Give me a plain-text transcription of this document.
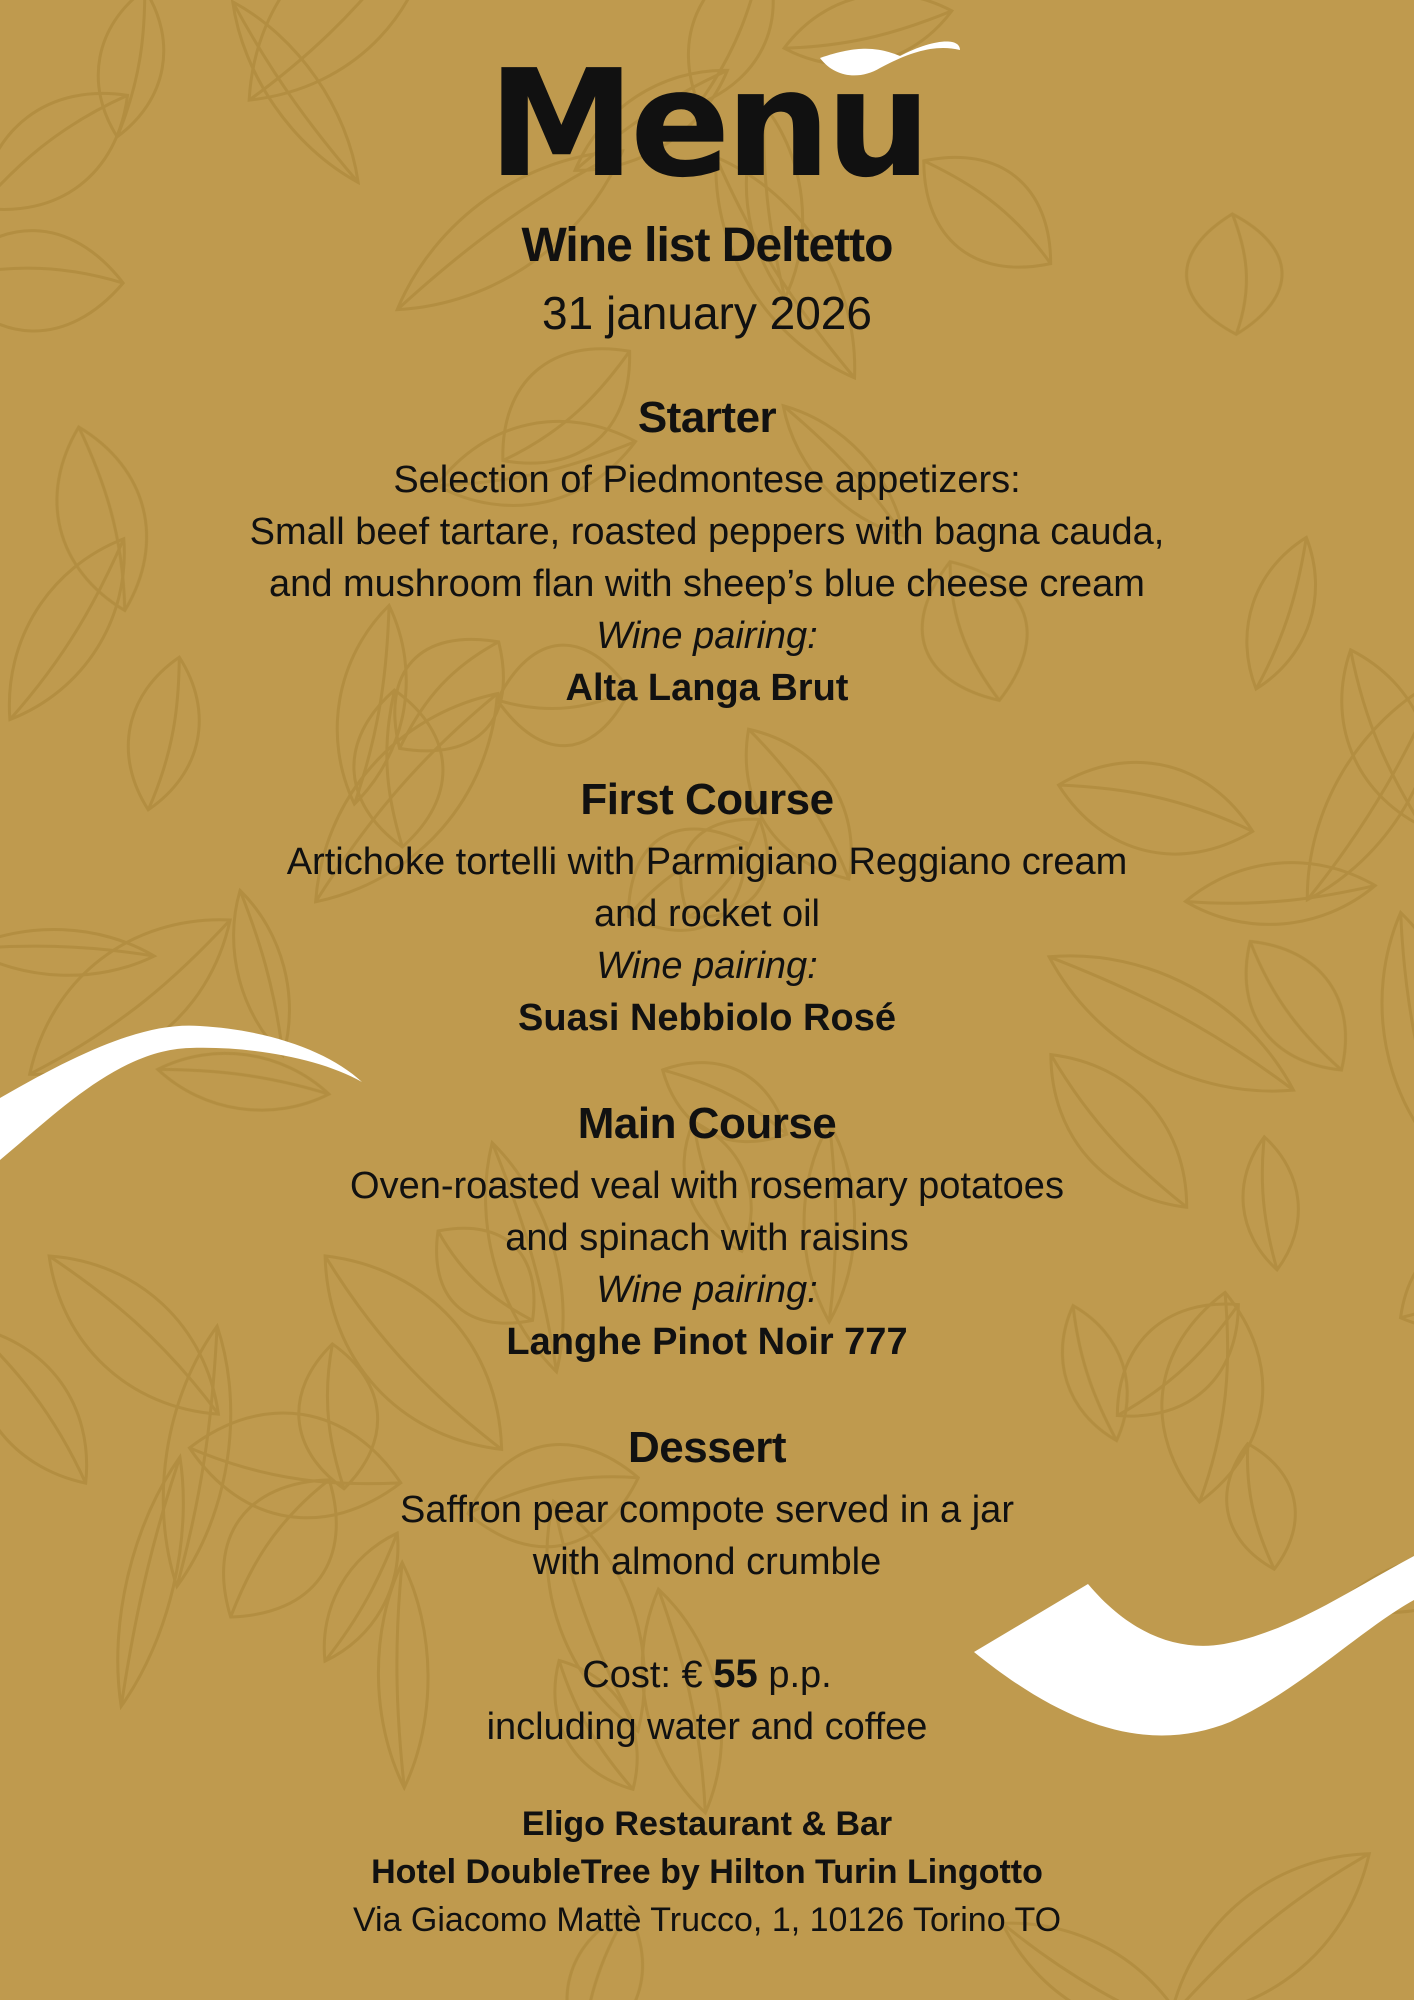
Menu
Wine list Deltetto
31 january 2026
Starter

Selection of Piedmontese appetizers:

Small beef tartare, roasted peppers with bagna cauda,

and mushroom flan with sheep’s blue cheese cream

Wine pairing:

Alta Langa Brut

First Course

Artichoke tortelli with Parmigiano Reggiano cream

and rocket oil

Wine pairing:

Suasi Nebbiolo Rosé

Main Course

Oven-roasted veal with rosemary potatoes

and spinach with raisins

Wine pairing:

Langhe Pinot Noir 777

Dessert

Saffron pear compote served in a jar

with almond crumble

Cost: € 55 p.p.

including water and coffee

Eligo Restaurant & Bar

Hotel DoubleTree by Hilton Turin Lingotto

Via Giacomo Mattè Trucco, 1, 10126 Torino TO
